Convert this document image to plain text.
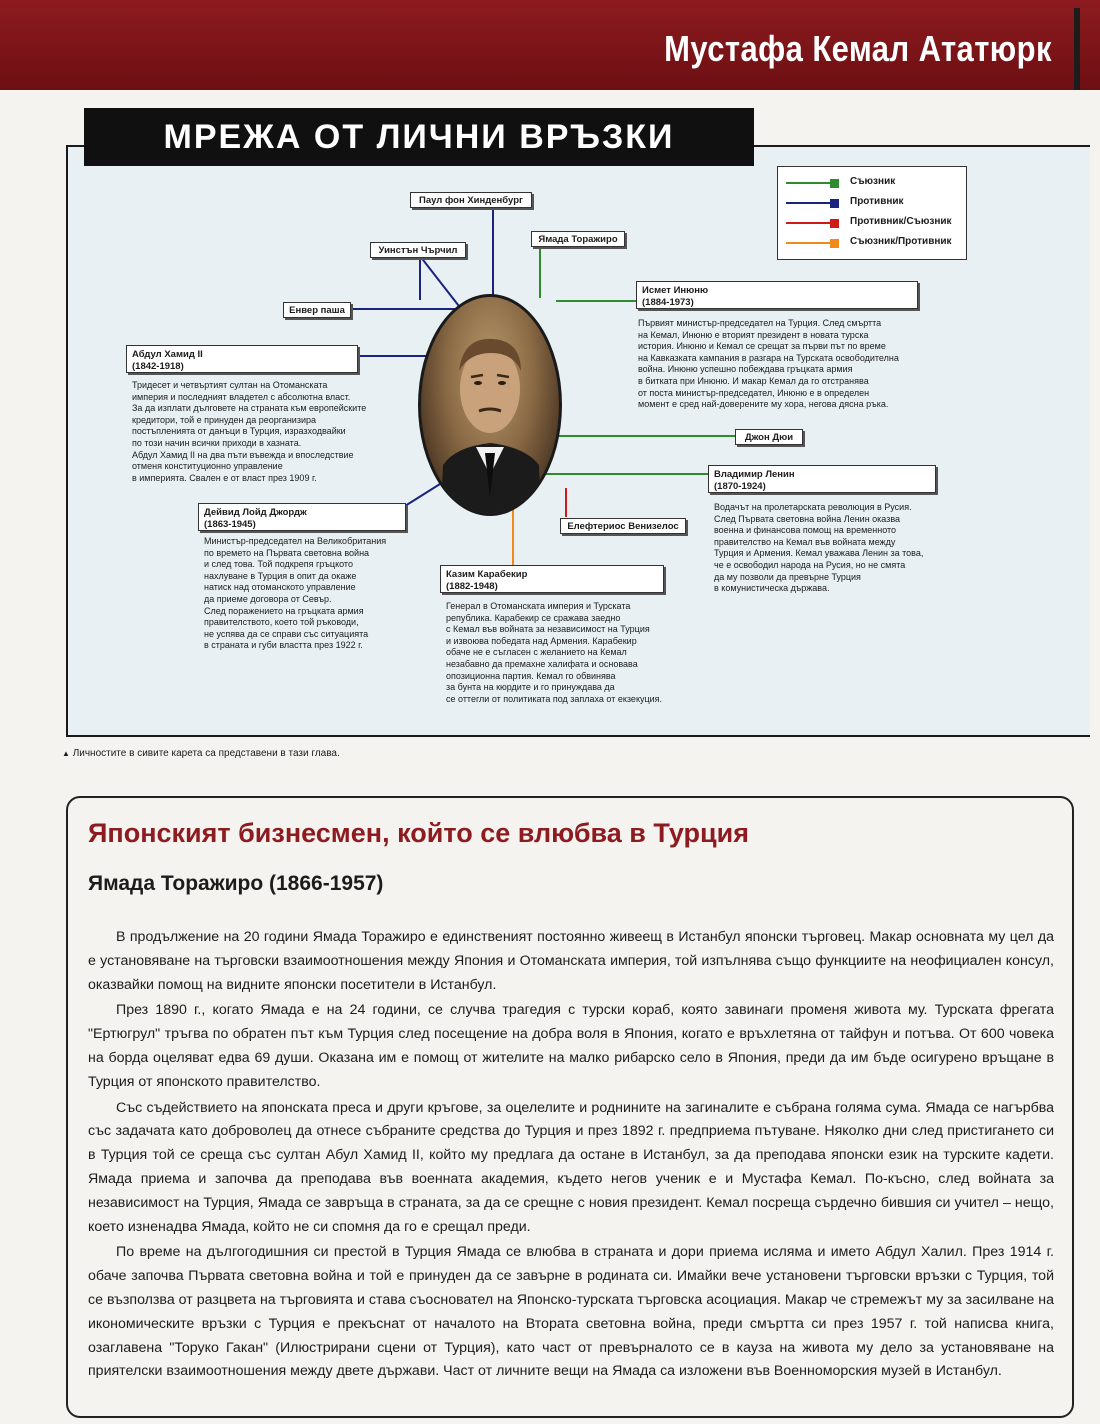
Мустафа Кемал Ататюрк
МРЕЖА ОТ ЛИЧНИ ВРЪЗКИ
Съюзник
Противник
Противник/Съюзник
Съюзник/Противник
Паул фон Хинденбург
Уинстън Чърчил
Ямада Торажиро
Енвер паша
Джон Дюи
Елефтериос Венизелос
Абдул Хамид II
(1842-1918)
Тридесет и четвъртият султан на Отоманската
империя и последният владетел с абсолютна власт.
За да изплати дълговете на страната към европейските
кредитори, той е принуден да реорганизира
постъпленията от данъци в Турция, изразходвайки
по този начин всички приходи в хазната.
Абдул Хамид II на два пъти въвежда и впоследствие
отменя конституционно управление
в империята. Свален е от власт през 1909 г.
Дейвид Лойд Джордж
(1863-1945)
Министър-председател на Великобритания
по времето на Първата световна война
и след това. Той подкрепя гръцкото
нахлуване в Турция в опит да окаже
натиск над отоманското управление
да приеме договора от Севър.
След поражението на гръцката армия
правителството, което той ръководи,
не успява да се справи със ситуацията
в страната и губи властта през 1922 г.
Исмет Инюню
(1884-1973)
Първият министър-председател на Турция. След смъртта
на Кемал, Инюню е вторият президент в новата турска
история. Инюню и Кемал се срещат за първи път по време
на Кавказката кампания в разгара на Турската освободителна
война. Инюню успешно побеждава гръцката армия
в битката при Инюню. И макар Кемал да го отстранява
от поста министър-председател, Инюню е в определен
момент е сред най-доверените му хора, негова дясна ръка.
Владимир Ленин
(1870-1924)
Водачът на пролетарската революция в Русия.
След Първата световна война Ленин оказва
военна и финансова помощ на временното
правителство на Кемал във войната между
Турция и Армения. Кемал уважава Ленин за това,
че е освободил народа на Русия, но не смята
да му позволи да превърне Турция
в комунистическа държава.
Казим Карабекир
(1882-1948)
Генерал в Отоманската империя и Турската
република. Карабекир се сражава заедно
с Кемал във войната за независимост на Турция
и извоюва победата над Армения. Карабекир
обаче не е съгласен с желанието на Кемал
незабавно да премахне халифата и основава
опозиционна партия. Кемал го обвинява
за бунта на кюрдите и го принуждава да
се оттегли от политиката под заплаха от екзекуция.
▲ Личностите в сивите карета са представени в тази глава.
Японският бизнесмен, който се влюбва в Турция
Ямада Торажиро (1866-1957)

В продължение на 20 години Ямада Торажиро е единственият постоянно живеещ в Истанбул японски търговец. Макар основната му цел да е установяване на търговски взаимоотношения между Япония и Отоманската империя, той изпълнява също функциите на неофициален консул, оказвайки помощ на видните японски посетители в Истанбул.

През 1890 г., когато Ямада е на 24 години, се случва трагедия с турски кораб, която завинаги променя живота му. Турската фрегата "Ертюгрул" тръгва по обратен път към Турция след посещение на добра воля в Япония, когато е връхлетяна от тайфун и потъва. От 600 човека на борда оцеляват едва 69 души. Оказана им е помощ от жителите на малко рибарско село в Япония, преди да им бъде осигурено връщане в Турция от японското правителство.

Със съдействието на японската преса и други кръгове, за оцелелите и роднините на загиналите е събрана голяма сума. Ямада се нагърбва със задачата като доброволец да отнесе събраните средства до Турция и през 1892 г. предприема пътуване. Няколко дни след пристигането си в Турция той се среща със султан Абул Хамид II, който му предлага да остане в Истанбул, за да преподава японски език на турските кадети. Ямада приема и започва да преподава във военната академия, където негов ученик е и Мустафа Кемал. По-късно, след войната за независимост на Турция, Ямада се завръща в страната, за да се срещне с новия президент. Кемал посреща сърдечно бившия си учител – нещо, което изненадва Ямада, който не си спомня да го е срещал преди.

По време на дългогодишния си престой в Турция Ямада се влюбва в страната и дори приема исляма и името Абдул Халил. През 1914 г. обаче започва Първата световна война и той е принуден да се завърне в родината си. Имайки вече установени търговски връзки с Турция, той се възползва от разцвета на търговията и става съосновател на Японско-турската търговска асоциация. Макар че стремежът му за засилване на икономическите връзки с Турция е прекъснат от началото на Втората световна война, преди смъртта си през 1957 г. той написва книга, озаглавена "Торуко Гакан" (Илюстрирани сцени от Турция), като част от превърналото се в кауза на живота му дело за установяване на приятелски взаимоотношения между двете държави. Част от личните вещи на Ямада са изложени във Военноморския музей в Истанбул.
